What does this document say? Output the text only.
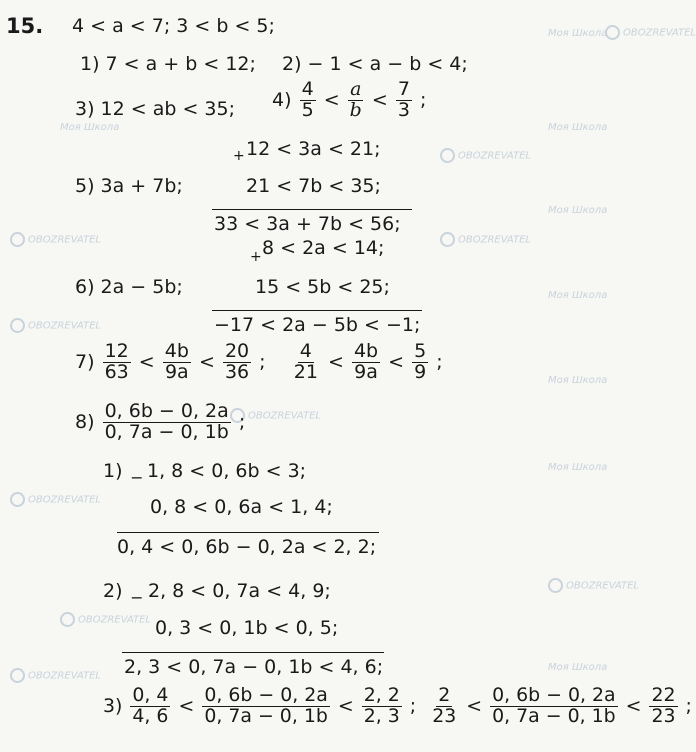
Моя Школа	OBOZREVATEL
Моя Школа
Моя Школа
OBOZREVATEL
Моя Школа
OBOZREVATEL	OBOZREVATEL
Моя Школа
OBOZREVATEL
Моя Школа
OBOZREVATEL
Моя Школа
OBOZREVATEL
OBOZREVATEL
OBOZREVATEL
Моя Школа
OBOZREVATEL
15. 4 < a < 7; 3 < b < 5;
1) 7 < a + b < 12; 2) − 1 < a − b < 4;
3) 12 < ab < 35; $4) \frac{4}{5} < \frac{a}{b} < \frac{7}{3}$ ;
+ 12 < 3a < 21;
5) 3a + 7b;	21 < 7b < 35;
33 < 3a + 7b < 56;
+ 8 < 2a < 14;
6) 2a − 5b;	15 < 5b < 25;
−17 < 2a − 5b < −1;
$7) \frac{12}{63} < \frac{4b}{9a} < \frac{20}{36}$ ; $\frac{4}{21} < \frac{4b}{9a} < \frac{5}{9}$ ;
$8) \frac{0, 6b - 0, 2a}{0, 7a - 0, 1b}$ ;
1) _ 1, 8 < 0, 6b < 3;
0, 8 < 0, 6a < 1, 4;
0, 4 < 0, 6b − 0, 2a < 2, 2;
2) _ 2, 8 < 0, 7a < 4, 9;
0, 3 < 0, 1b < 0, 5;
2, 3 < 0, 7a − 0, 1b < 4, 6;
$3) \frac{0, 4}{4, 6} < \frac{0, 6b - 0, 2a}{0, 7a - 0, 1b} < \frac{2, 2}{2, 3}$ ; $\frac{2}{23} < \frac{0, 6b - 0, 2a}{0, 7a - 0, 1b} < \frac{22}{23}$ ;
